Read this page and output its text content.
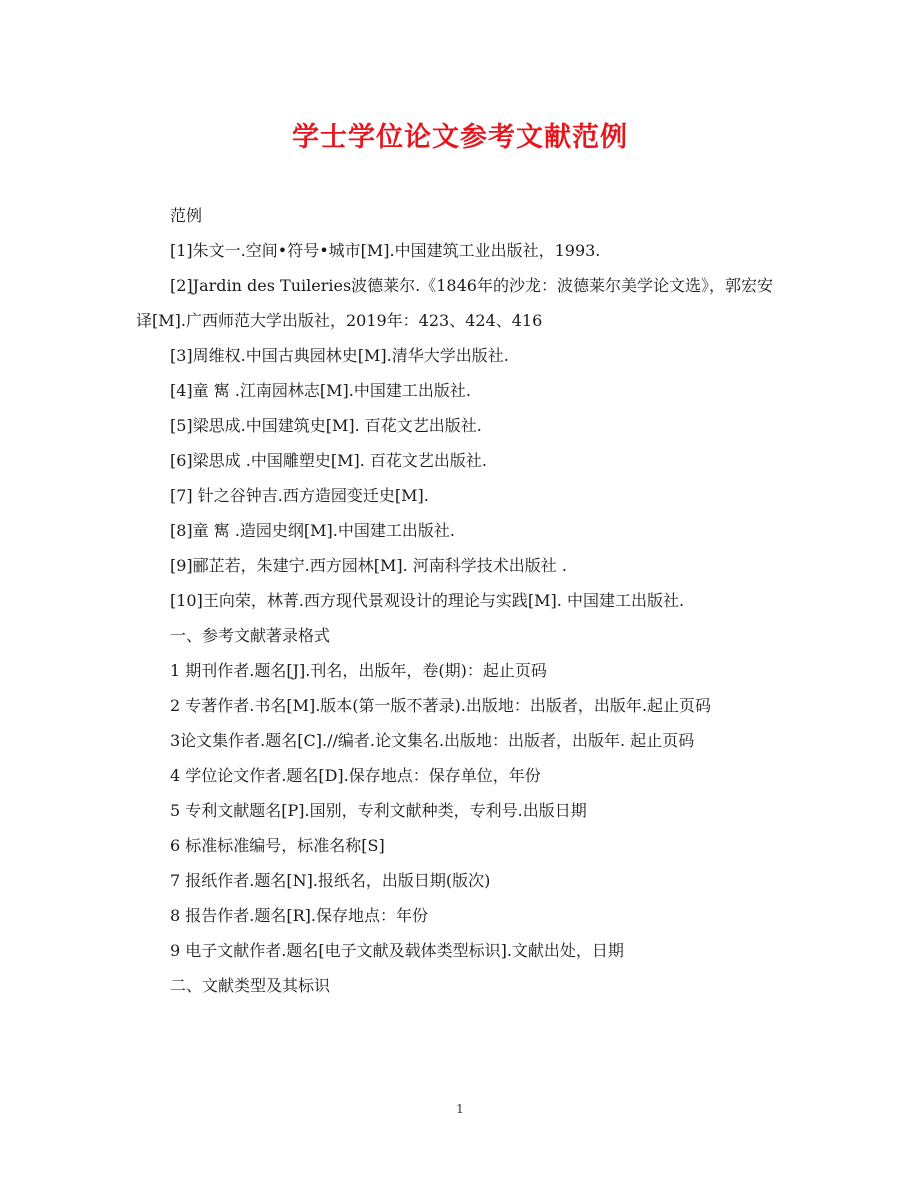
学士学位论文参考文献范例

范例

[1]朱文一.空间•符号•城市[M].中国建筑工业出版社，1993.

[2]Jardin des Tuileries波德莱尔.《1846年的沙龙：波德莱尔美学论文选》，郭宏安译[M].广西师范大学出版社，2019年：423、424、416

[3]周维权.中国古典园林史[M].清华大学出版社.

[4]童 寯 .江南园林志[M].中国建工出版社.

[5]梁思成.中国建筑史[M]. 百花文艺出版社.

[6]梁思成 .中国雕塑史[M]. 百花文艺出版社.

[7] 针之谷钟吉.西方造园变迁史[M].

[8]童 寯 .造园史纲[M].中国建工出版社.

[9]郦芷若，朱建宁.西方园林[M]. 河南科学技术出版社 .

[10]王向荣，林菁.西方现代景观设计的理论与实践[M]. 中国建工出版社.

一、参考文献著录格式

1 期刊作者.题名[J].刊名，出版年，卷(期)：起止页码

2 专著作者.书名[M].版本(第一版不著录).出版地：出版者，出版年.起止页码

3论文集作者.题名[C].//编者.论文集名.出版地：出版者，出版年. 起止页码

4 学位论文作者.题名[D].保存地点：保存单位，年份

5 专利文献题名[P].国别，专利文献种类，专利号.出版日期

6 标准标准编号，标准名称[S]

7 报纸作者.题名[N].报纸名，出版日期(版次)

8 报告作者.题名[R].保存地点：年份

9 电子文献作者.题名[电子文献及载体类型标识].文献出处，日期

二、文献类型及其标识

1
